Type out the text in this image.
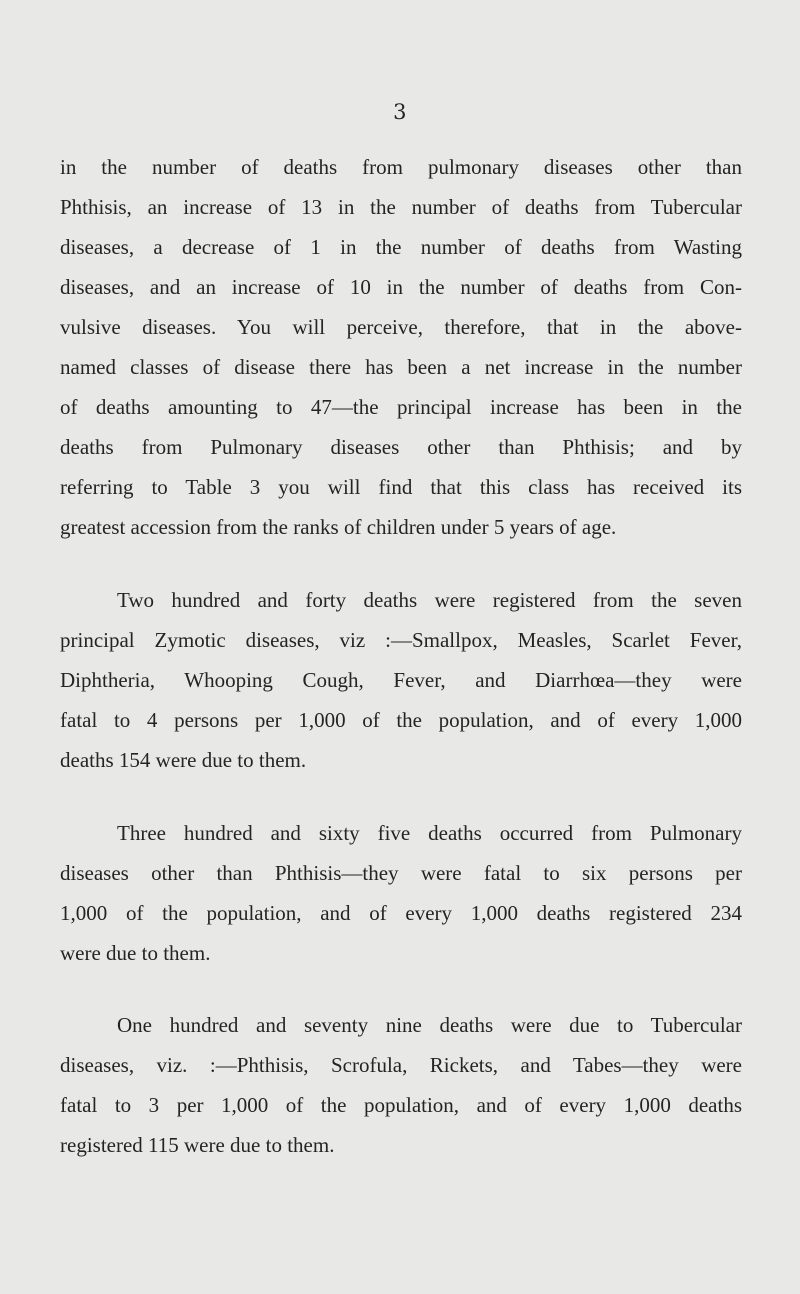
3
in the number of deaths from pulmonary diseases other than
Phthisis, an increase of 13 in the number of deaths from Tubercular
diseases, a decrease of 1 in the number of deaths from Wasting
diseases, and an increase of 10 in the number of deaths from Con-
vulsive diseases. You will perceive, therefore, that in the above-
named classes of disease there has been a net increase in the number
of deaths amounting to 47—the principal increase has been in the
deaths from Pulmonary diseases other than Phthisis; and by
referring to Table 3 you will find that this class has received its
greatest accession from the ranks of children under 5 years of age.
Two hundred and forty deaths were registered from the seven
principal Zymotic diseases, viz :—Smallpox, Measles, Scarlet Fever,
Diphtheria, Whooping Cough, Fever, and Diarrhœa—they were
fatal to 4 persons per 1,000 of the population, and of every 1,000
deaths 154 were due to them.
Three hundred and sixty five deaths occurred from Pulmonary
diseases other than Phthisis—they were fatal to six persons per
1,000 of the population, and of every 1,000 deaths registered 234
were due to them.
One hundred and seventy nine deaths were due to Tubercular
diseases, viz. :—Phthisis, Scrofula, Rickets, and Tabes—they were
fatal to 3 per 1,000 of the population, and of every 1,000 deaths
registered 115 were due to them.
